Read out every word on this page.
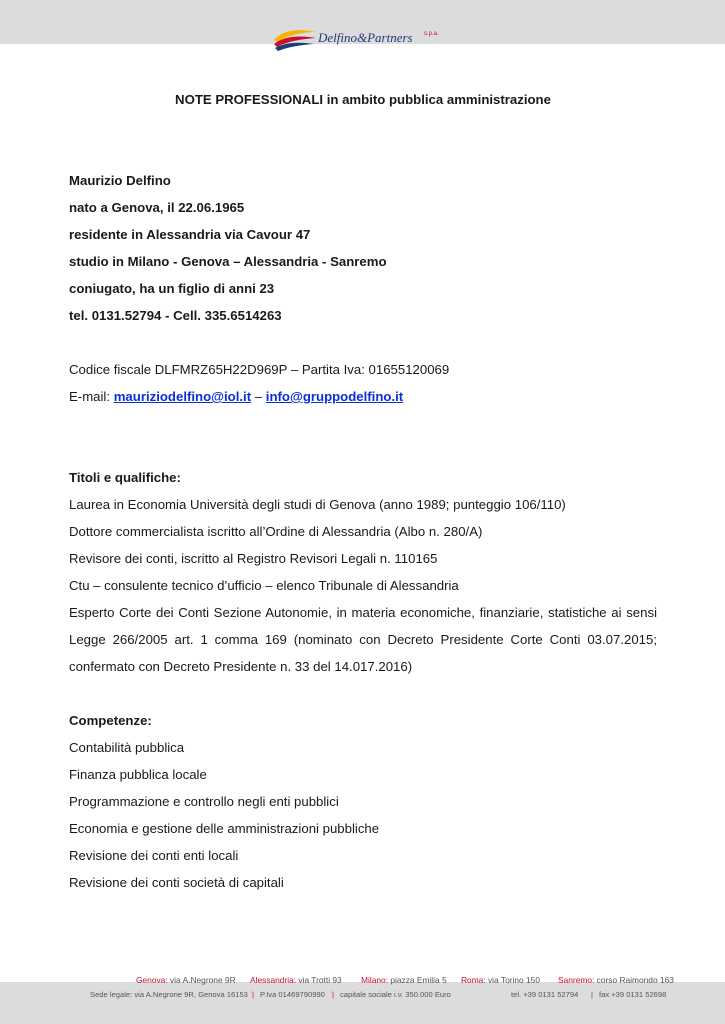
Delfino&Partners s.p.a.

NOTE PROFESSIONALI in ambito pubblica amministrazione

Maurizio Delfino

nato a Genova, il 22.06.1965

residente in Alessandria via Cavour 47

studio in Milano - Genova – Alessandria - Sanremo

coniugato, ha un figlio di anni 23

tel. 0131.52794 - Cell. 335.6514263

Codice fiscale DLFMRZ65H22D969P – Partita Iva: 01655120069

E-mail: mauriziodelfino@iol.it – info@gruppodelfino.it

Titoli e qualifiche:

Laurea in Economia Università degli studi di Genova (anno 1989; punteggio 106/110)

Dottore commercialista iscritto all’Ordine di Alessandria (Albo n. 280/A)

Revisore dei conti, iscritto al Registro Revisori Legali n. 110165

Ctu – consulente tecnico d’ufficio – elenco Tribunale di Alessandria

Esperto Corte dei Conti Sezione Autonomie, in materia economiche, finanziarie, statistiche ai sensi Legge 266/2005 art. 1 comma 169 (nominato con Decreto Presidente Corte Conti 03.07.2015; confermato con Decreto Presidente n. 33 del 14.017.2016)

Competenze:

Contabilità pubblica

Finanza pubblica locale

Programmazione e controllo negli enti pubblici

Economia e gestione delle amministrazioni pubbliche

Revisione dei conti enti locali

Revisione dei conti società di capitali

Genova: via A.Negrone 9R Alessandria: via Trotti 93 Milano: piazza Emilia 5 Roma: via Torino 150 Sanremo: corso Raimondo 163
Sede legale: via A.Negrone 9R, Genova 16153 | P.Iva 01469790990 | capitale sociale i.v. 350.000 Euro	tel. +39 0131 52794 | fax +39 0131 52698
